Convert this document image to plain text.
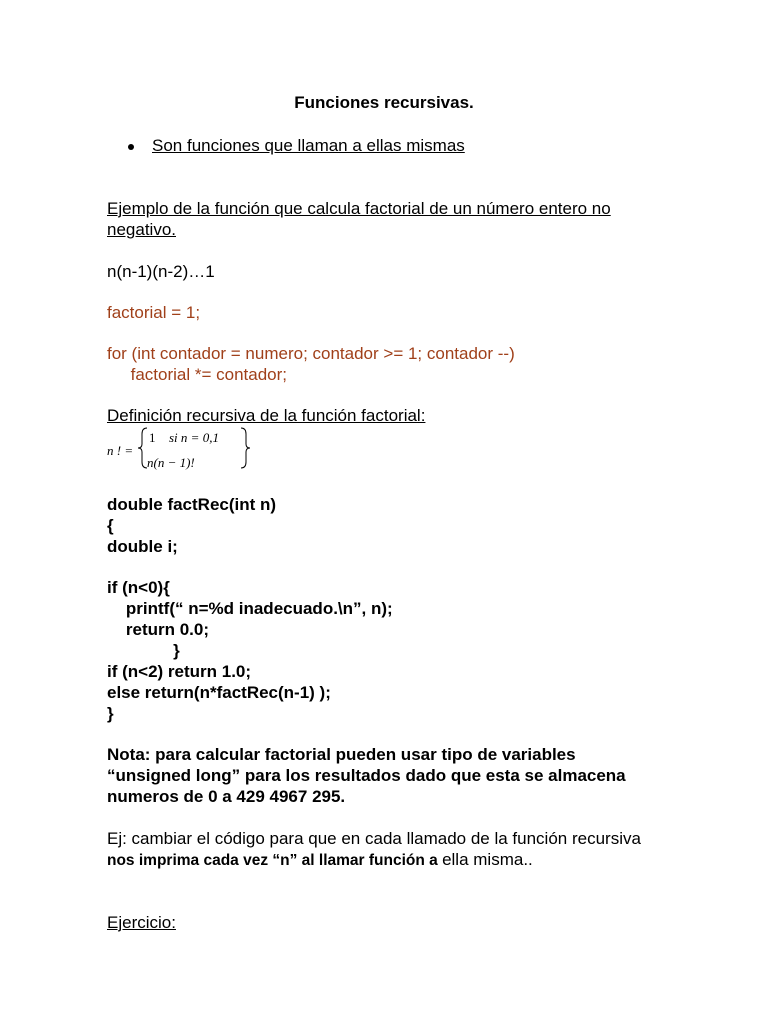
Funciones recursivas.
Son funciones que llaman a ellas mismas
Ejemplo de la función que calcula factorial de un número entero no
negativo.
n(n-1)(n-2)…1
factorial = 1;
for (int contador = numero; contador >= 1; contador --)
factorial *= contador;
Definición recursiva de la función factorial:
n ! =
1 si n = 0,1
n(n − 1)!
double factRec(int n)
{
double i;
if (n<0){
printf(“ n=%d inadecuado.\n”, n);
return 0.0;
}
if (n<2) return 1.0;
else return(n*factRec(n-1) );
}
Nota: para calcular factorial pueden usar tipo de variables
“unsigned long” para los resultados dado que esta se almacena
numeros de 0 a 429 4967 295.
Ej: cambiar el código para que en cada llamado de la función recursiva
nos imprima cada vez “n” al llamar función a ella misma..
Ejercicio:
